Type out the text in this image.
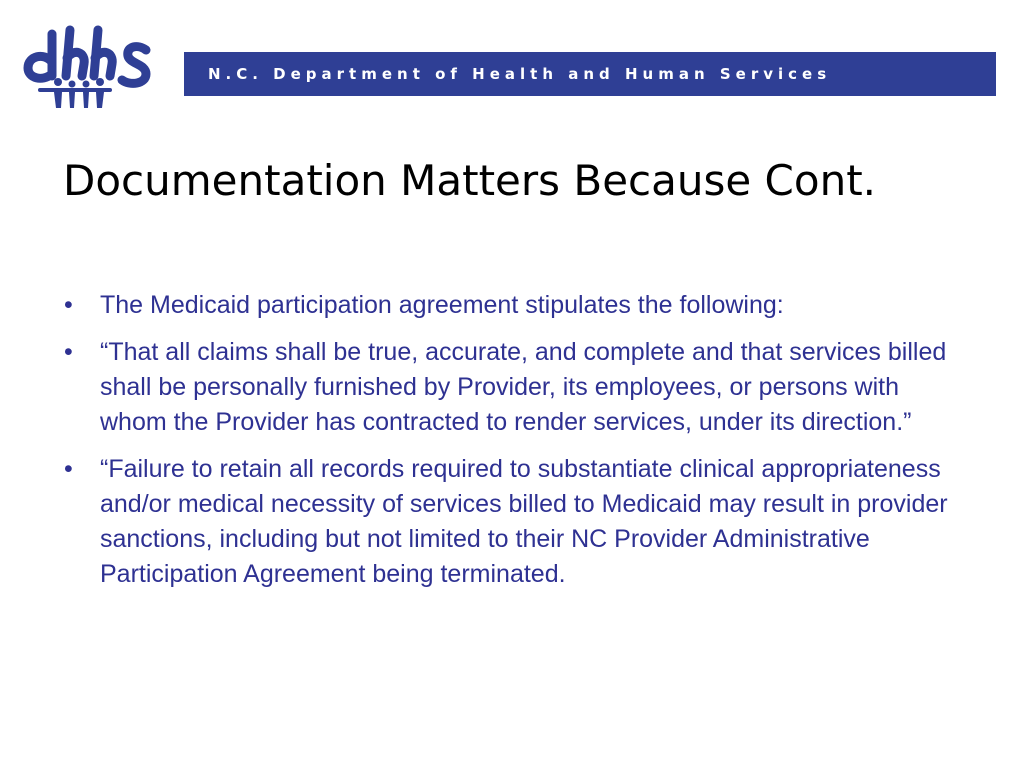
N.C. Department of Health and Human Services
Documentation Matters Because Cont.
• The Medicaid participation agreement stipulates the following:
• “That all claims shall be true, accurate, and complete and that services billed shall be personally furnished by Provider, its employees, or persons with whom the Provider has contracted to render services, under its direction.”
• “Failure to retain all records required to substantiate clinical appropriateness and/or medical necessity of services billed to Medicaid may result in provider sanctions, including but not limited to their NC Provider Administrative Participation Agreement being terminated.
